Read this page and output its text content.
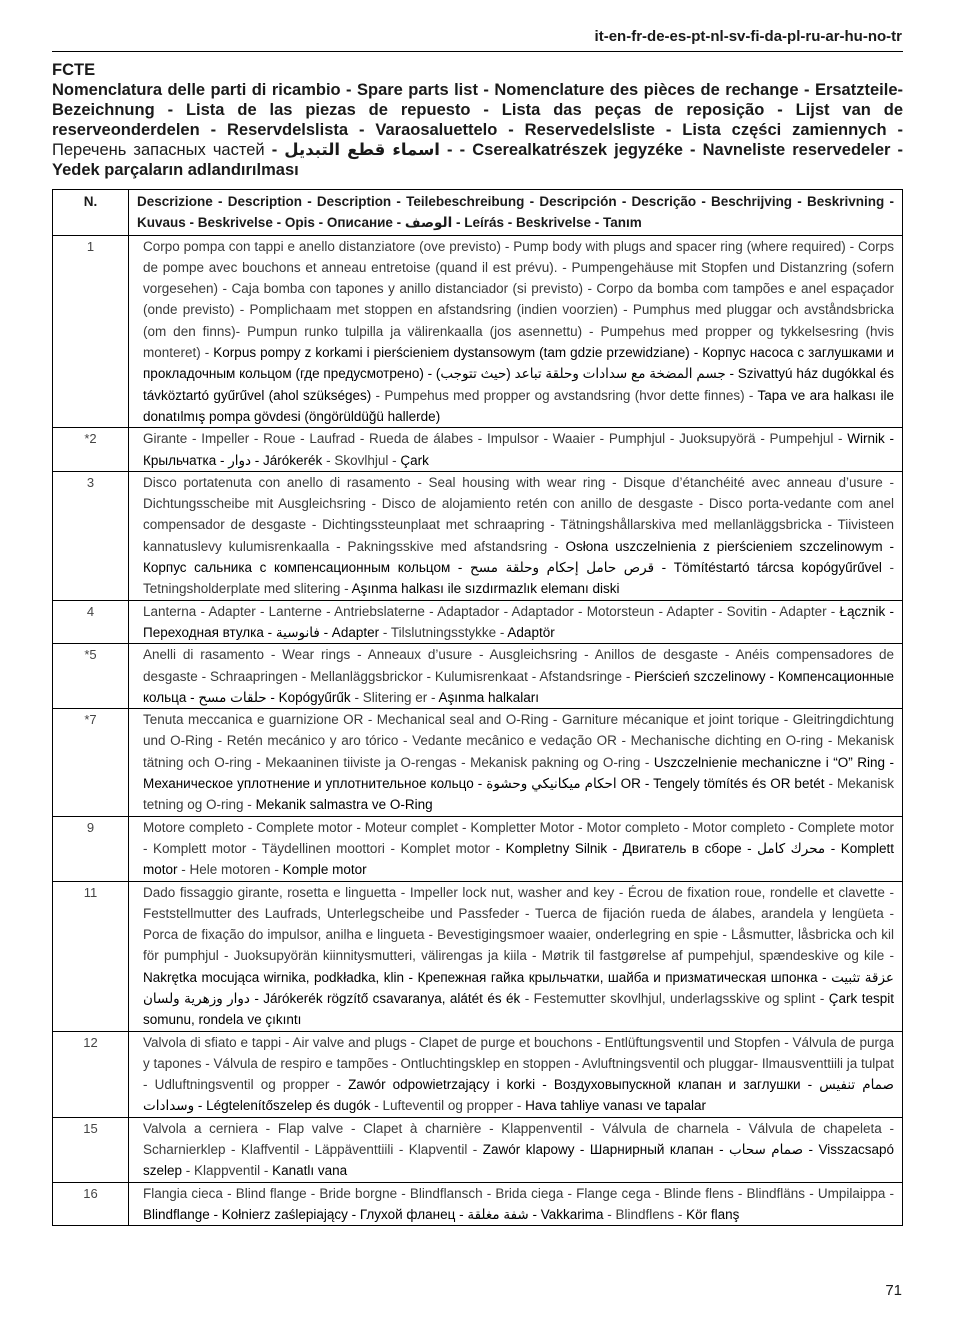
it-en-fr-de-es-pt-nl-sv-fi-da-pl-ru-ar-hu-no-tr
FCTE
Nomenclatura delle parti di ricambio - Spare parts list - Nomenclature des pièces de rechange - Ersatzteile-Bezeichnung - Lista de las piezas de repuesto - Lista das peças de reposição - Lijst van de reserveonderdelen - Reservdelslista - Varaosaluettelo - Reservedelsliste - Lista części zamiennych - Перечень запасных частей - اسماء قطع التبديل - - Cserealkatrészek jegyzéke - Navneliste reservedeler - Yedek parçaların adlandırılması
N.	Descrizione - Description - Description - Teilebeschreibung - Descripción - Descrição - Beschrijving - Beskrivning - Kuvaus - Beskrivelse - Opis - Описание - الوصف - Leírás - Beskrivelse - Tanım
1	Corpo pompa con tappi e anello distanziatore (ove previsto) - Pump body with plugs and spacer ring (where required) - Corps de pompe avec bouchons et anneau entretoise (quand il est prévu). - Pumpengehäuse mit Stopfen und Distanzring (sofern vorgesehen) - Caja bomba con tapones y anillo distanciador (si previsto) - Corpo da bomba com tampões e anel espaçador (onde previsto) - Pomplichaam met stoppen en afstandsring (indien voorzien) - Pumphus med pluggar och avståndsbricka (om den finns)- Pumpun runko tulpilla ja välirenkaalla (jos asennettu) - Pumpehus med propper og tykkelsesring (hvis monteret) - Korpus pompy z korkami i pierścieniem dystansowym (tam gdzie przewidziane) - Корпус насоса с заглушками и прокладочным кольцом (где предусмотрено) - جسم المضخة مع سدادات وحلقة تباعد (حيث تتوجب) - Szivattyú ház dugókkal és távköztartó gyűrűvel (ahol szükséges) - Pumpehus med propper og avstandsring (hvor dette finnes) - Tapa ve ara halkası ile donatılmış pompa gövdesi (öngörüldüğü hallerde)
*2	Girante - Impeller - Roue - Laufrad - Rueda de álabes - Impulsor - Waaier - Pumphjul - Juoksupyörä - Pumpehjul - Wirnik - Крыльчатка - دوار - Járókerék - Skovlhjul - Çark
3	Disco portatenuta con anello di rasamento - Seal housing with wear ring - Disque d’étanchéité avec anneau d’usure - Dichtungsscheibe mit Ausgleichsring - Disco de alojamiento retén con anillo de desgaste - Disco porta-vedante com anel compensador de desgaste - Dichtingssteunplaat met schraapring - Tätningshållarskiva med mellanläggsbricka - Tiivisteen kannatuslevy kulumisrenkaalla - Pakningsskive med afstandsring - Osłona uszczelnienia z pierścieniem szczelinowym - Корпус сальника с компенсационным кольцом - قرص حامل إحكام وحلقة مسح - Tömítéstartó tárcsa kopógyűrűvel - Tetningsholderplate med slitering - Aşınma halkası ile sızdırmazlık elemanı diski
4	Lanterna - Adapter - Lanterne - Antriebslaterne - Adaptador - Adaptador - Motorsteun - Adapter - Sovitin - Adapter - Łącznik - Переходная втулка - فانوسية - Adapter - Tilslutningsstykke - Adaptör
*5	Anelli di rasamento - Wear rings - Anneaux d’usure - Ausgleichsring - Anillos de desgaste - Anéis compensadores de desgaste - Schraapringen - Mellanläggsbrickor - Kulumisrenkaat - Afstandsringe - Pierścień szczelinowy - Компенсационные кольца - حلقات مسح - Kopógyűrűk - Slitering er - Aşınma halkaları
*7	Tenuta meccanica e guarnizione OR - Mechanical seal and O-Ring - Garniture mécanique et joint torique - Gleitringdichtung und O-Ring - Retén mecánico y aro tórico - Vedante mecânico e vedação OR - Mechanische dichting en O-ring - Mekanisk tätning och O-ring - Mekaaninen tiiviste ja O-rengas - Mekanisk pakning og O-ring - Uszczelnienie mechaniczne i “O” Ring - Механическое уплотнение и уплотнительное кольцо - احكام ميكانيكي وحشوة OR - Tengely tömítés és OR betét - Mekanisk tetning og O-ring - Mekanik salmastra ve O-Ring
9	Motore completo - Complete motor - Moteur complet - Kompletter Motor - Motor completo - Motor completo - Complete motor - Komplett motor - Täydellinen moottori - Komplet motor - Kompletny Silnik - Двигатель в сборе - محرك كامل - Komplett motor - Hele motoren - Komple motor
11	Dado fissaggio girante, rosetta e linguetta - Impeller lock nut, washer and key - Écrou de fixation roue, rondelle et clavette - Feststellmutter des Laufrads, Unterlegscheibe und Passfeder - Tuerca de fijación rueda de álabes, arandela y lengüeta - Porca de fixação do impulsor, anilha e lingueta - Bevestigingsmoer waaier, onderlegring en spie - Låsmutter, låsbricka och kil för pumphjul - Juoksupyörän kiinnitysmutteri, välirengas ja kiila - Møtrik til fastgørelse af pumpehjul, spændeskive og kile - Nakrętka mocująca wirnika, podkładka, klin - Крепежная гайка крыльчатки, шайба и призматическая шпонка - عزقة تثبيت دوار وزهرية ولسان - Járókerék rögzítő csavaranya, alátét és ék - Festemutter skovlhjul, underlagsskive og splint - Çark tespit somunu, rondela ve çıkıntı
12	Valvola di sfiato e tappi - Air valve and plugs - Clapet de purge et bouchons - Entlüftungsventil und Stopfen - Válvula de purga y tapones - Válvula de respiro e tampões - Ontluchtingsklep en stoppen - Avluftningsventil och pluggar- Ilmausventtiili ja tulpat - Udluftningsventil og propper - Zawór odpowietrzający i korki - Воздуховыпускной клапан и заглушки - صمام تنفيس وسدادات - Légtelenítőszelep és dugók - Lufteventil og propper - Hava tahliye vanası ve tapalar
15	Valvola a cerniera - Flap valve - Clapet à charnière - Klappenventil - Válvula de charnela - Válvula de chapeleta - Scharnierklep - Klaffventil - Läppäventtiili - Klapventil - Zawór klapowy - Шарнирный клапан - صمام سحاب - Visszacsapó szelep - Klappventil - Kanatlı vana
16	Flangia cieca - Blind flange - Bride borgne - Blindflansch - Brida ciega - Flange cega - Blinde flens - Blindfläns - Umpilaippa - Blindflange - Kołnierz zaślepiający - Глухой фланец - شفة مغلقة - Vakkarima - Blindflens - Kör flanş
71
